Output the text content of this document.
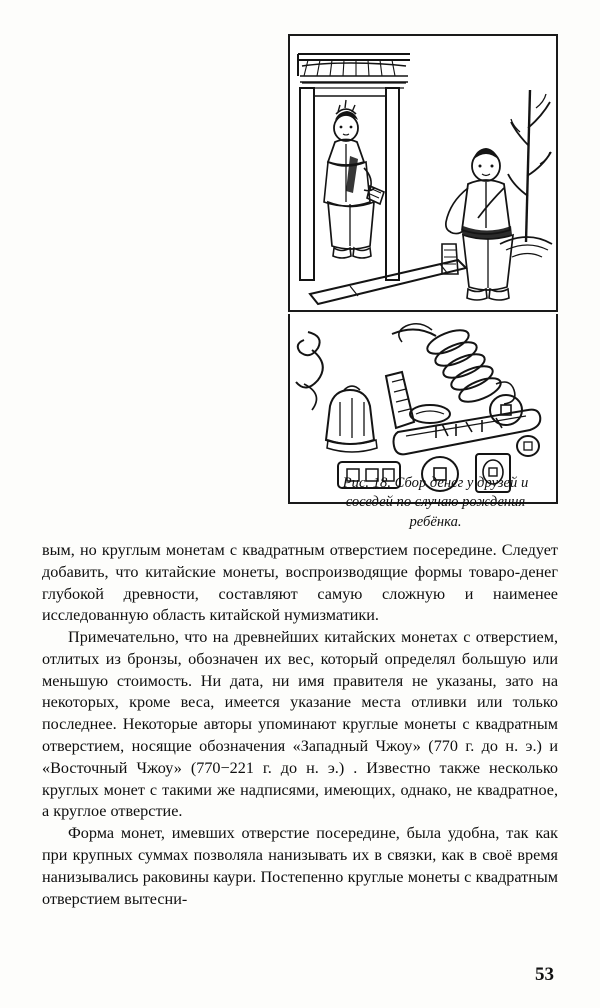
Рис. 18. Сбор денег у друзей и соседей по случаю рождения ребёнка.

вым, но круглым монетам с квадратным отверстием посередине. Следует добавить, что китайские монеты, воспроизводящие формы товаро-денег глубокой древности, составляют самую сложную и наименее исследованную область китайской нумизматики.

Примечательно, что на древнейших китайских монетах с отверстием, отлитых из бронзы, обозначен их вес, который определял большую или меньшую стоимость. Ни дата, ни имя правителя не указаны, зато на некоторых, кроме веса, имеется указание места отливки или только последнее. Некоторые авторы упоминают круглые монеты с квадратным отверстием, носящие обозначения «Западный Чжоу» (770 г. до н. э.) и «Восточный Чжоу» (770−221 г. до н. э.) . Известно также несколько круглых монет с такими же надписями, имеющих, однако, не квадратное, а круглое отверстие.

Форма монет, имевших отверстие посередине, была удобна, так как при крупных суммах позволяла нанизывать их в связки, как в своё время нанизывались раковины каури. Постепенно круглые монеты с квадратным отверстием вытесни-

53
